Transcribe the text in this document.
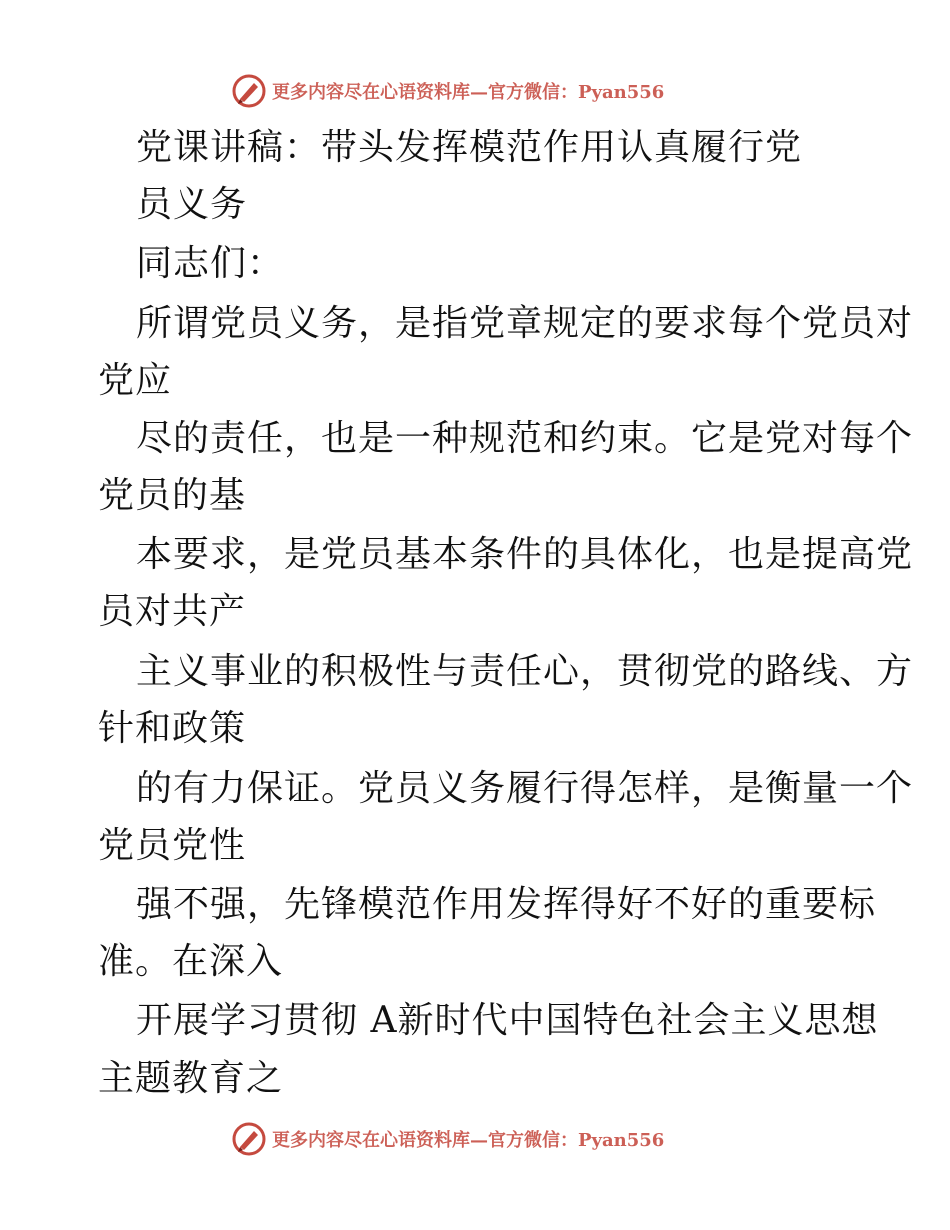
更多内容尽在心语资料库—官方微信：Pyan556
党课讲稿：带头发挥模范作用认真履行党
员义务
同志们：
所谓党员义务，是指党章规定的要求每个党员对
党应
尽的责任，也是一种规范和约束。它是党对每个
党员的基
本要求，是党员基本条件的具体化，也是提高党
员对共产
主义事业的积极性与责任心，贯彻党的路线、方
针和政策
的有力保证。党员义务履行得怎样，是衡量一个
党员党性
强不强，先锋模范作用发挥得好不好的重要标
准。在深入
开展学习贯彻 A新时代中国特色社会主义思想
主题教育之
更多内容尽在心语资料库—官方微信：Pyan556
